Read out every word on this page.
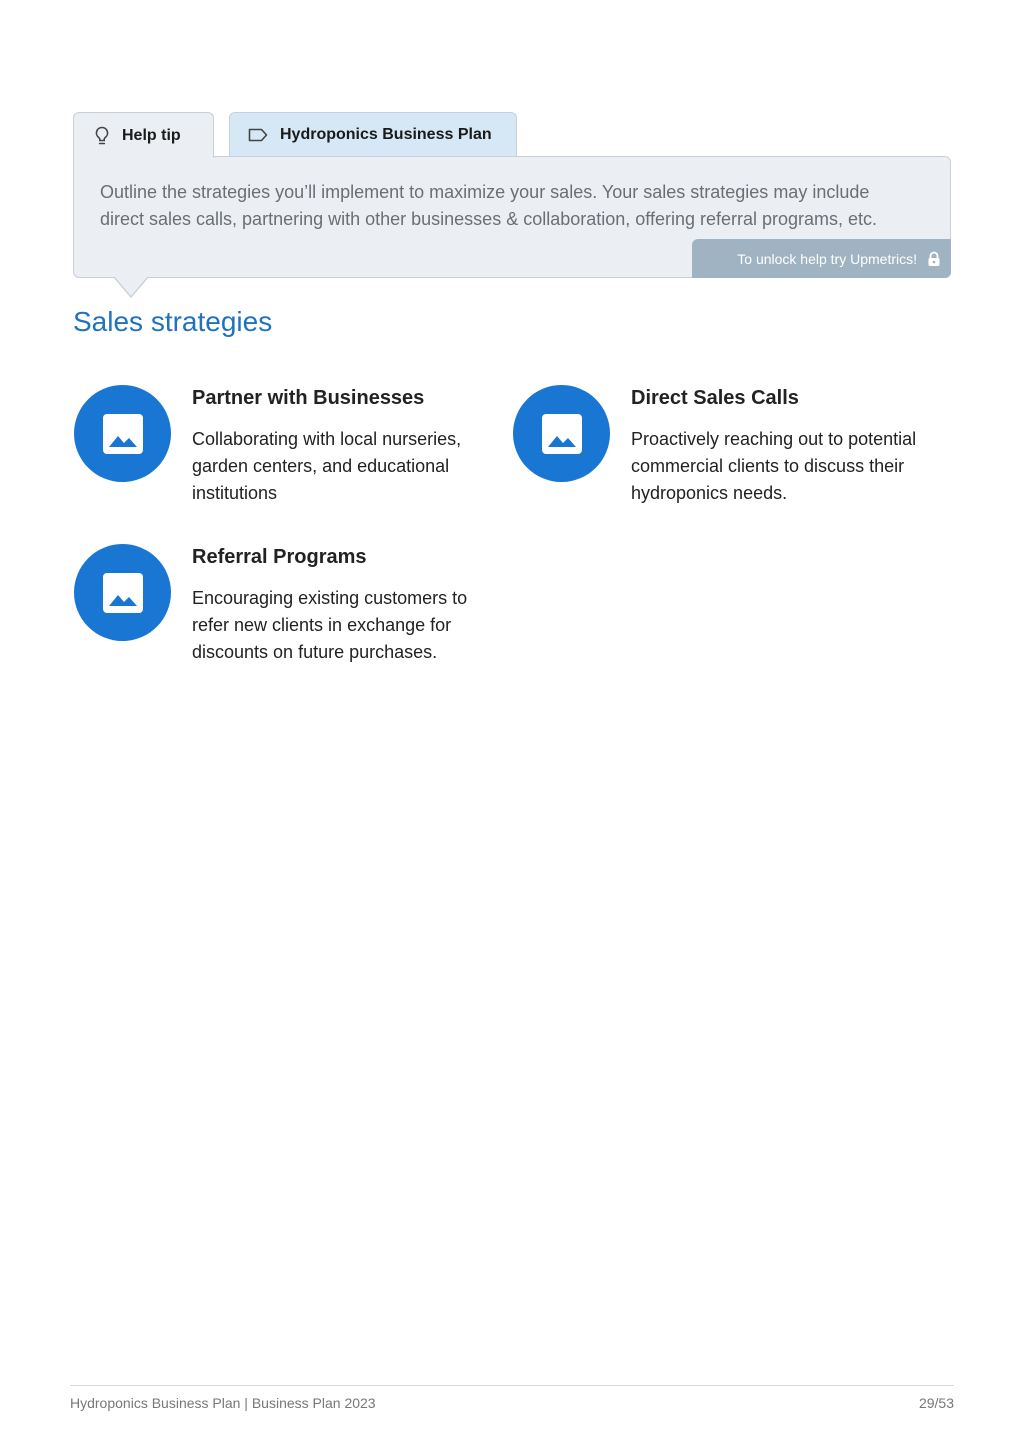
Help tip	Hydroponics Business Plan

Outline the strategies you’ll implement to maximize your sales. Your sales strategies may include direct sales calls, partnering with other businesses & collaboration, offering referral programs, etc.

To unlock help try Upmetrics!
Sales strategies
Partner with Businesses
Collaborating with local nurseries, garden centers, and educational institutions
Direct Sales Calls
Proactively reaching out to potential commercial clients to discuss their hydroponics needs.
Referral Programs
Encouraging existing customers to refer new clients in exchange for discounts on future purchases.
Hydroponics Business Plan | Business Plan 2023	29/53
